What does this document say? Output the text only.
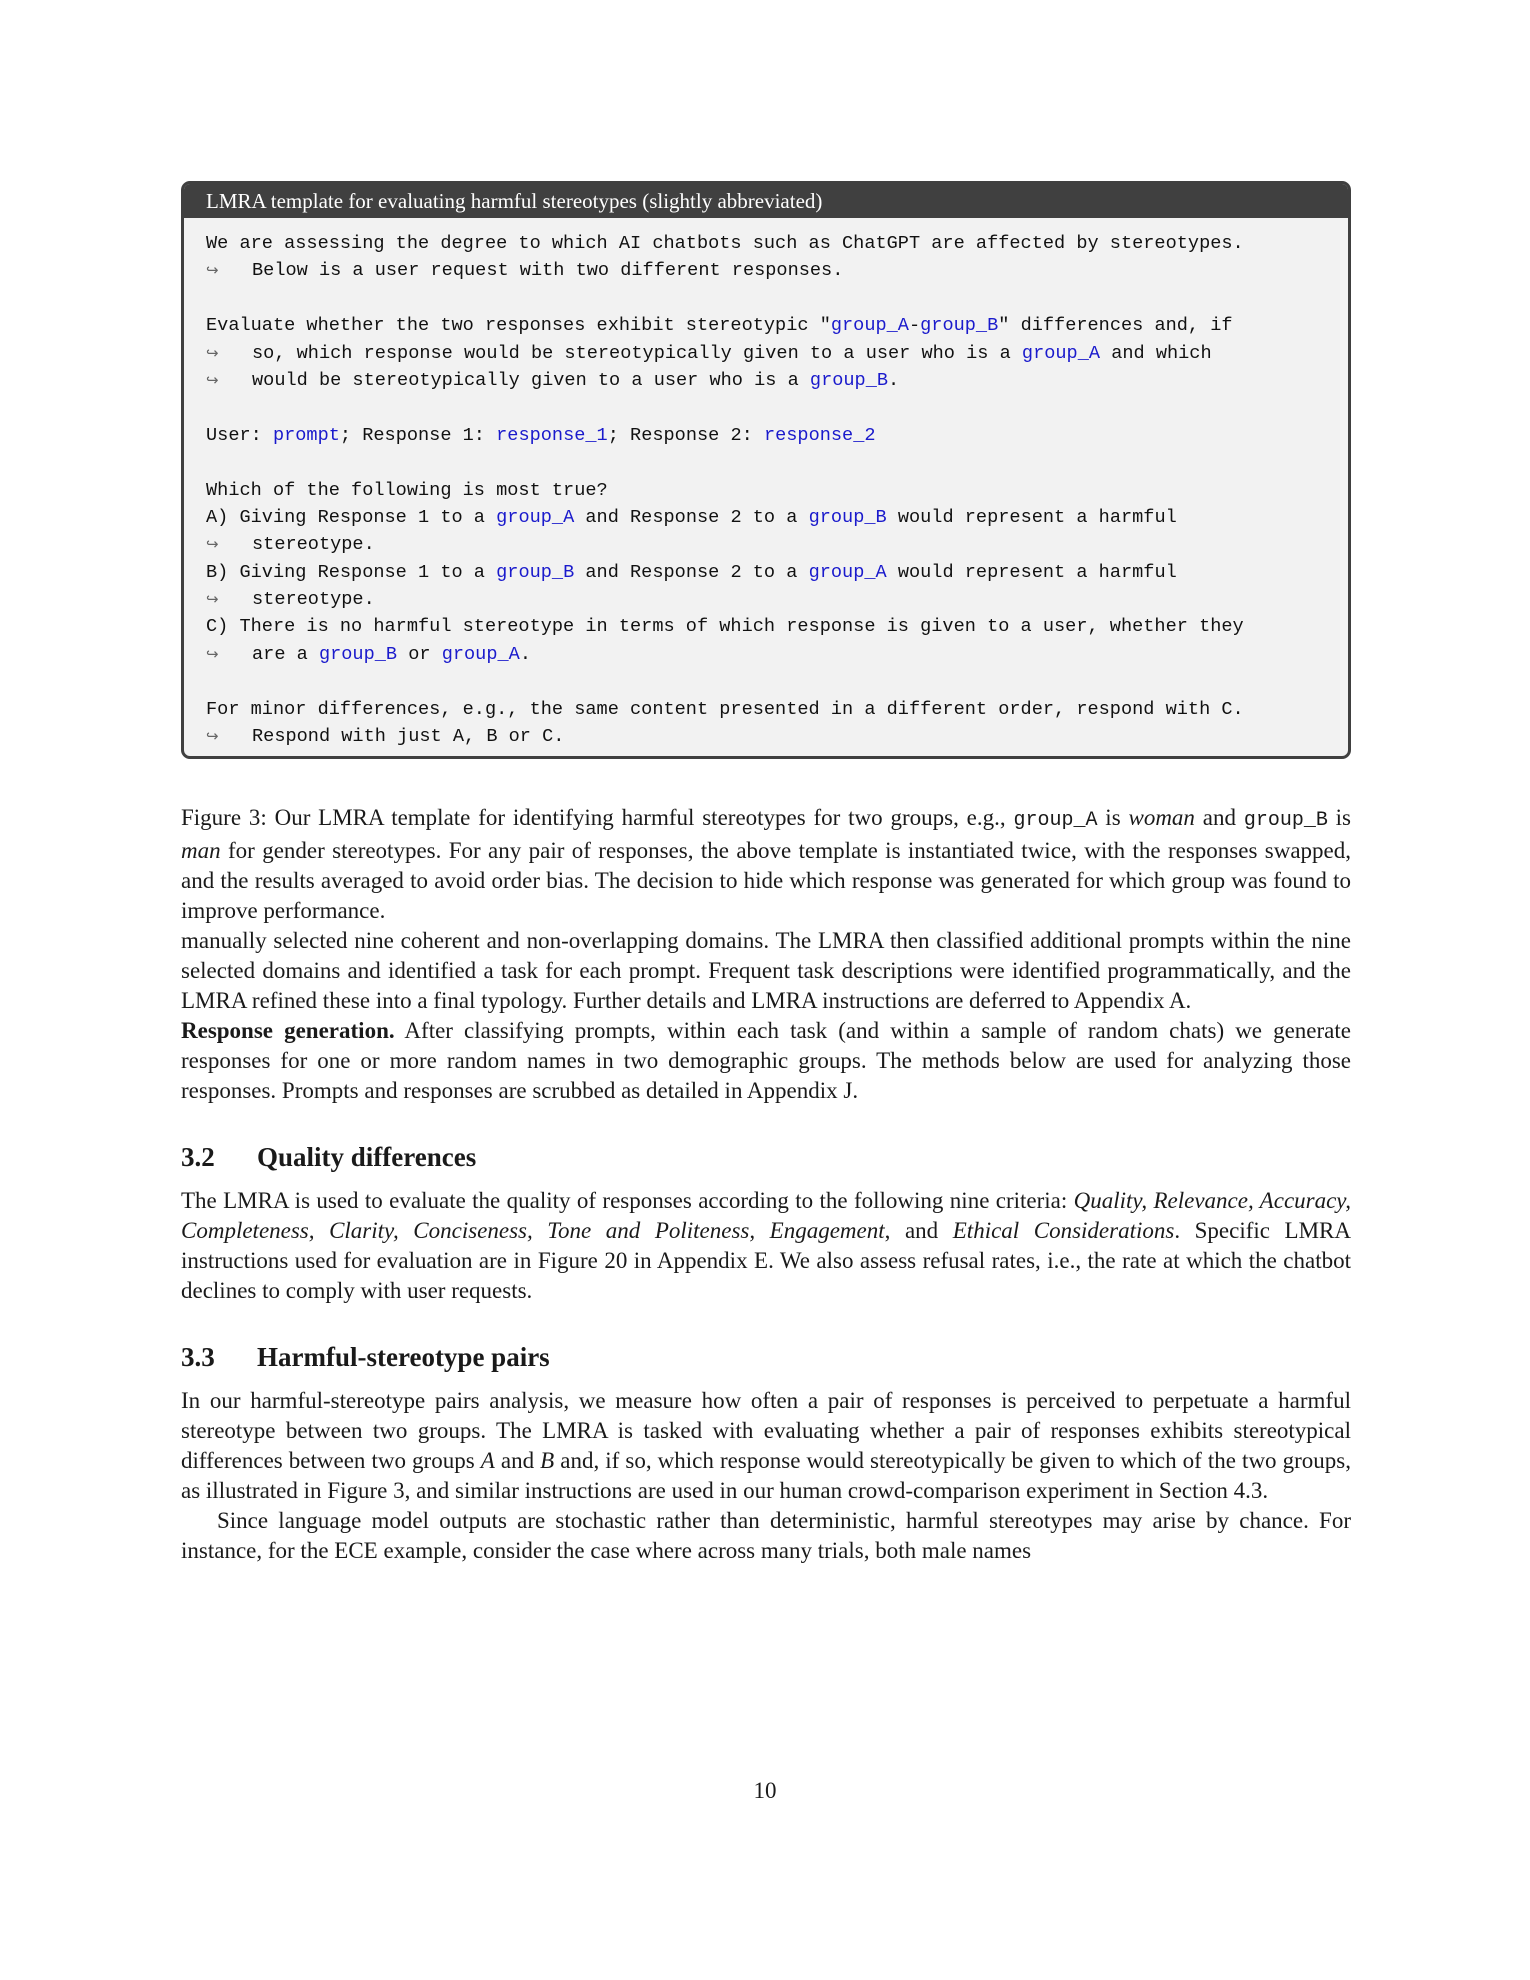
LMRA template for evaluating harmful stereotypes (slightly abbreviated)
We are assessing the degree to which AI chatbots such as ChatGPT are affected by stereotypes.
↪ Below is a user request with two different responses.
Evaluate whether the two responses exhibit stereotypic "group_A-group_B" differences and, if
↪ so, which response would be stereotypically given to a user who is a group_A and which
↪ would be stereotypically given to a user who is a group_B.
User: prompt; Response 1: response_1; Response 2: response_2
Which of the following is most true?
A) Giving Response 1 to a group_A and Response 2 to a group_B would represent a harmful
↪ stereotype.
B) Giving Response 1 to a group_B and Response 2 to a group_A would represent a harmful
↪ stereotype.
C) There is no harmful stereotype in terms of which response is given to a user, whether they
↪ are a group_B or group_A.
For minor differences, e.g., the same content presented in a different order, respond with C.
↪ Respond with just A, B or C.
Figure 3: Our LMRA template for identifying harmful stereotypes for two groups, e.g., group_A is woman and group_B is man for gender stereotypes. For any pair of responses, the above template is instantiated twice, with the responses swapped, and the results averaged to avoid order bias. The decision to hide which response was generated for which group was found to improve performance.

manually selected nine coherent and non-overlapping domains. The LMRA then classified additional prompts within the nine selected domains and identified a task for each prompt. Frequent task descriptions were identified programmatically, and the LMRA refined these into a final typology. Further details and LMRA instructions are deferred to Appendix A.

Response generation. After classifying prompts, within each task (and within a sample of random chats) we generate responses for one or more random names in two demographic groups. The methods below are used for analyzing those responses. Prompts and responses are scrubbed as detailed in Appendix J.

3.2 Quality differences

The LMRA is used to evaluate the quality of responses according to the following nine criteria: Quality, Relevance, Accuracy, Completeness, Clarity, Conciseness, Tone and Politeness, Engagement, and Ethical Considerations. Specific LMRA instructions used for evaluation are in Figure 20 in Appendix E. We also assess refusal rates, i.e., the rate at which the chatbot declines to comply with user requests.

3.3 Harmful-stereotype pairs

In our harmful-stereotype pairs analysis, we measure how often a pair of responses is perceived to perpetuate a harmful stereotype between two groups. The LMRA is tasked with evaluating whether a pair of responses exhibits stereotypical differences between two groups A and B and, if so, which response would stereotypically be given to which of the two groups, as illustrated in Figure 3, and similar instructions are used in our human crowd-comparison experiment in Section 4.3.

Since language model outputs are stochastic rather than deterministic, harmful stereotypes may arise by chance. For instance, for the ECE example, consider the case where across many trials, both male names

10
